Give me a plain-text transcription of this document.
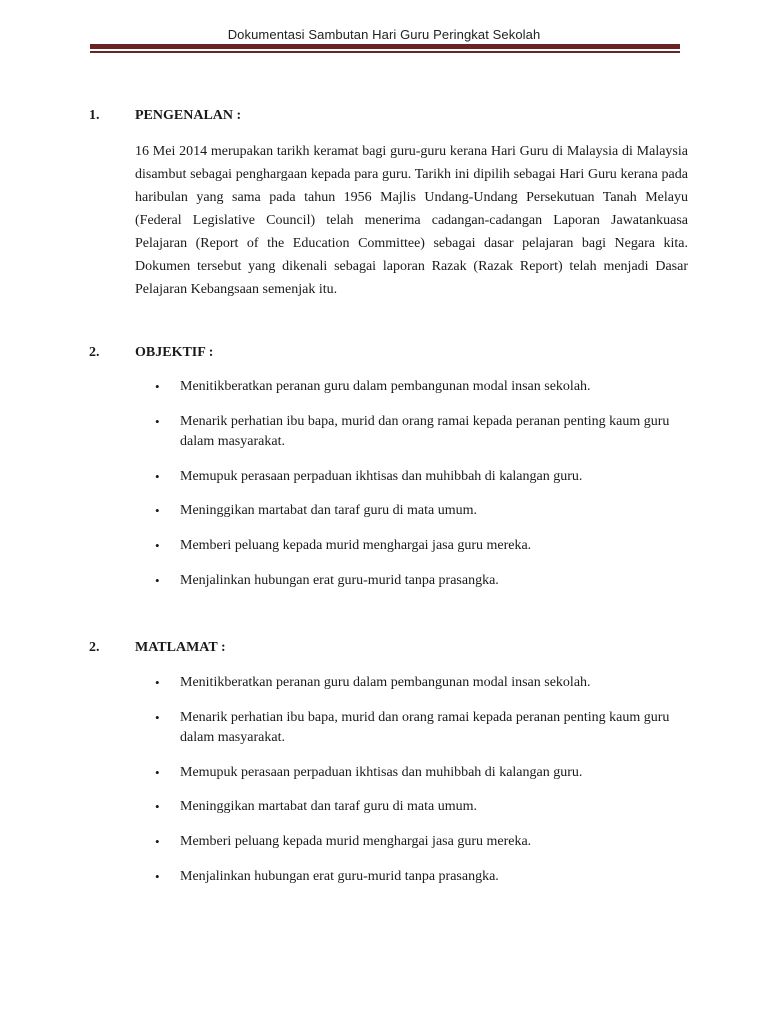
Dokumentasi Sambutan Hari Guru Peringkat Sekolah
1.	PENGENALAN :

16 Mei 2014 merupakan tarikh keramat bagi guru-guru kerana Hari Guru di Malaysia di Malaysia disambut sebagai penghargaan kepada para guru. Tarikh ini dipilih sebagai Hari Guru kerana pada haribulan yang sama pada tahun 1956 Majlis Undang-Undang Persekutuan Tanah Melayu (Federal Legislative Council) telah menerima cadangan-cadangan Laporan Jawatankuasa Pelajaran (Report of the Education Committee) sebagai dasar pelajaran bagi Negara kita. Dokumen tersebut yang dikenali sebagai laporan Razak (Razak Report) telah menjadi Dasar Pelajaran Kebangsaan semenjak itu.

2.	OBJEKTIF :
• Menitikberatkan peranan guru dalam pembangunan modal insan sekolah.
• Menarik perhatian ibu bapa, murid dan orang ramai kepada peranan penting kaum guru dalam masyarakat.
• Memupuk perasaan perpaduan ikhtisas dan muhibbah di kalangan guru.
• Meninggikan martabat dan taraf guru di mata umum.
• Memberi peluang kepada murid menghargai jasa guru mereka.
• Menjalinkan hubungan erat guru-murid tanpa prasangka.
2.	MATLAMAT :
• Menitikberatkan peranan guru dalam pembangunan modal insan sekolah.
• Menarik perhatian ibu bapa, murid dan orang ramai kepada peranan penting kaum guru dalam masyarakat.
• Memupuk perasaan perpaduan ikhtisas dan muhibbah di kalangan guru.
• Meninggikan martabat dan taraf guru di mata umum.
• Memberi peluang kepada murid menghargai jasa guru mereka.
• Menjalinkan hubungan erat guru-murid tanpa prasangka.
